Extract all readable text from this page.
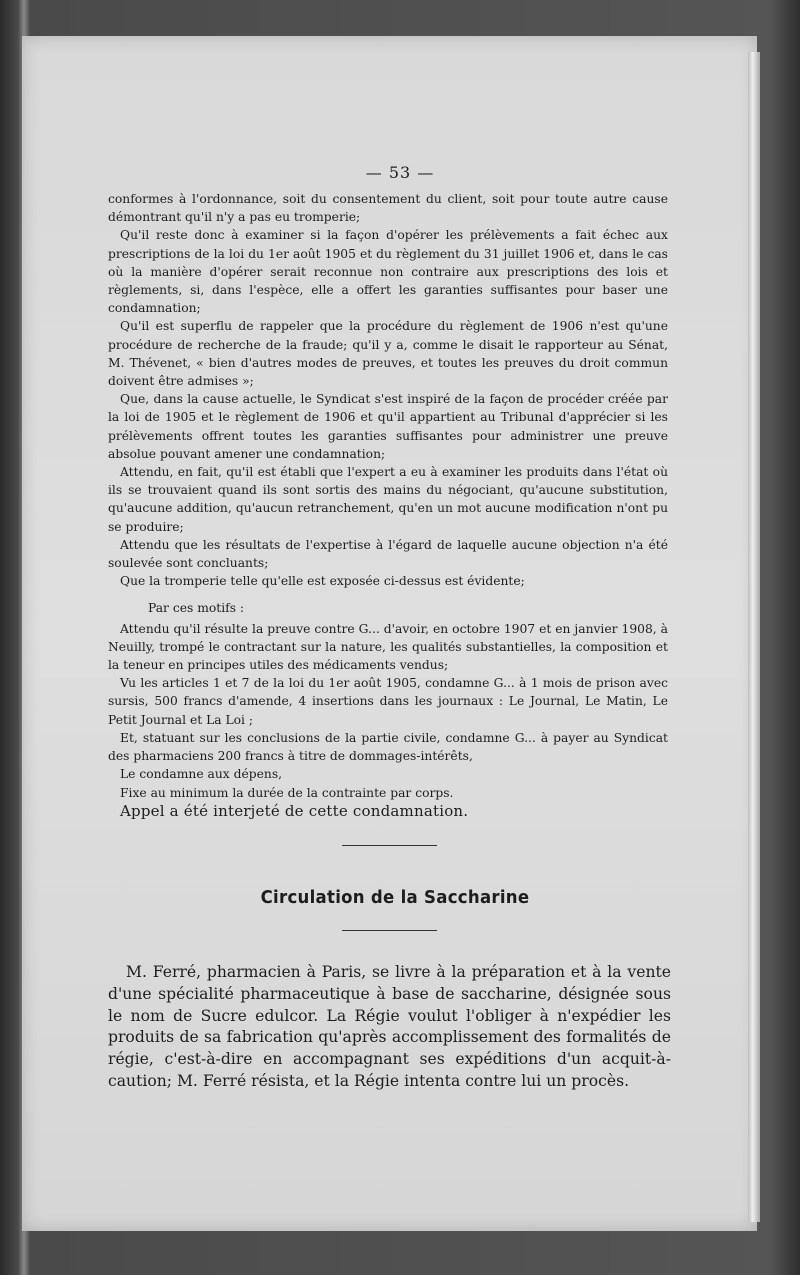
— 53 —

conformes à l'ordonnance, soit du consentement du client, soit pour toute autre cause démontrant qu'il n'y a pas eu tromperie;

Qu'il reste donc à examiner si la façon d'opérer les prélèvements a fait échec aux prescriptions de la loi du 1er août 1905 et du règlement du 31 juillet 1906 et, dans le cas où la manière d'opérer serait reconnue non contraire aux prescriptions des lois et règlements, si, dans l'espèce, elle a offert les garanties suffisantes pour baser une condamnation;

Qu'il est superflu de rappeler que la procédure du règlement de 1906 n'est qu'une procédure de recherche de la fraude; qu'il y a, comme le disait le rapporteur au Sénat, M. Thévenet, « bien d'autres modes de preuves, et toutes les preuves du droit commun doivent être admises »;

Que, dans la cause actuelle, le Syndicat s'est inspiré de la façon de procéder créée par la loi de 1905 et le règlement de 1906 et qu'il appartient au Tribunal d'apprécier si les prélèvements offrent toutes les garanties suffisantes pour administrer une preuve absolue pouvant amener une condamnation;

Attendu, en fait, qu'il est établi que l'expert a eu à examiner les produits dans l'état où ils se trouvaient quand ils sont sortis des mains du négociant, qu'aucune substitution, qu'aucune addition, qu'aucun retranchement, qu'en un mot aucune modification n'ont pu se produire;

Attendu que les résultats de l'expertise à l'égard de laquelle aucune objection n'a été soulevée sont concluants;

Que la tromperie telle qu'elle est exposée ci-dessus est évidente;

Par ces motifs :

Attendu qu'il résulte la preuve contre G... d'avoir, en octobre 1907 et en janvier 1908, à Neuilly, trompé le contractant sur la nature, les qualités substantielles, la composition et la teneur en principes utiles des médicaments vendus;

Vu les articles 1 et 7 de la loi du 1er août 1905, condamne G... à 1 mois de prison avec sursis, 500 francs d'amende, 4 insertions dans les journaux : Le Journal, Le Matin, Le Petit Journal et La Loi ;

Et, statuant sur les conclusions de la partie civile, condamne G... à payer au Syndicat des pharmaciens 200 francs à titre de dommages-intérêts,

Le condamne aux dépens,

Fixe au minimum la durée de la contrainte par corps.

Appel a été interjeté de cette condamnation.
Circulation de la Saccharine

M. Ferré, pharmacien à Paris, se livre à la préparation et à la vente d'une spécialité pharmaceutique à base de saccharine, désignée sous le nom de Sucre edulcor. La Régie voulut l'obliger à n'expédier les produits de sa fabrication qu'après accomplissement des formalités de régie, c'est-à-dire en accompagnant ses expéditions d'un acquit-à-caution; M. Ferré résista, et la Régie intenta contre lui un procès.
